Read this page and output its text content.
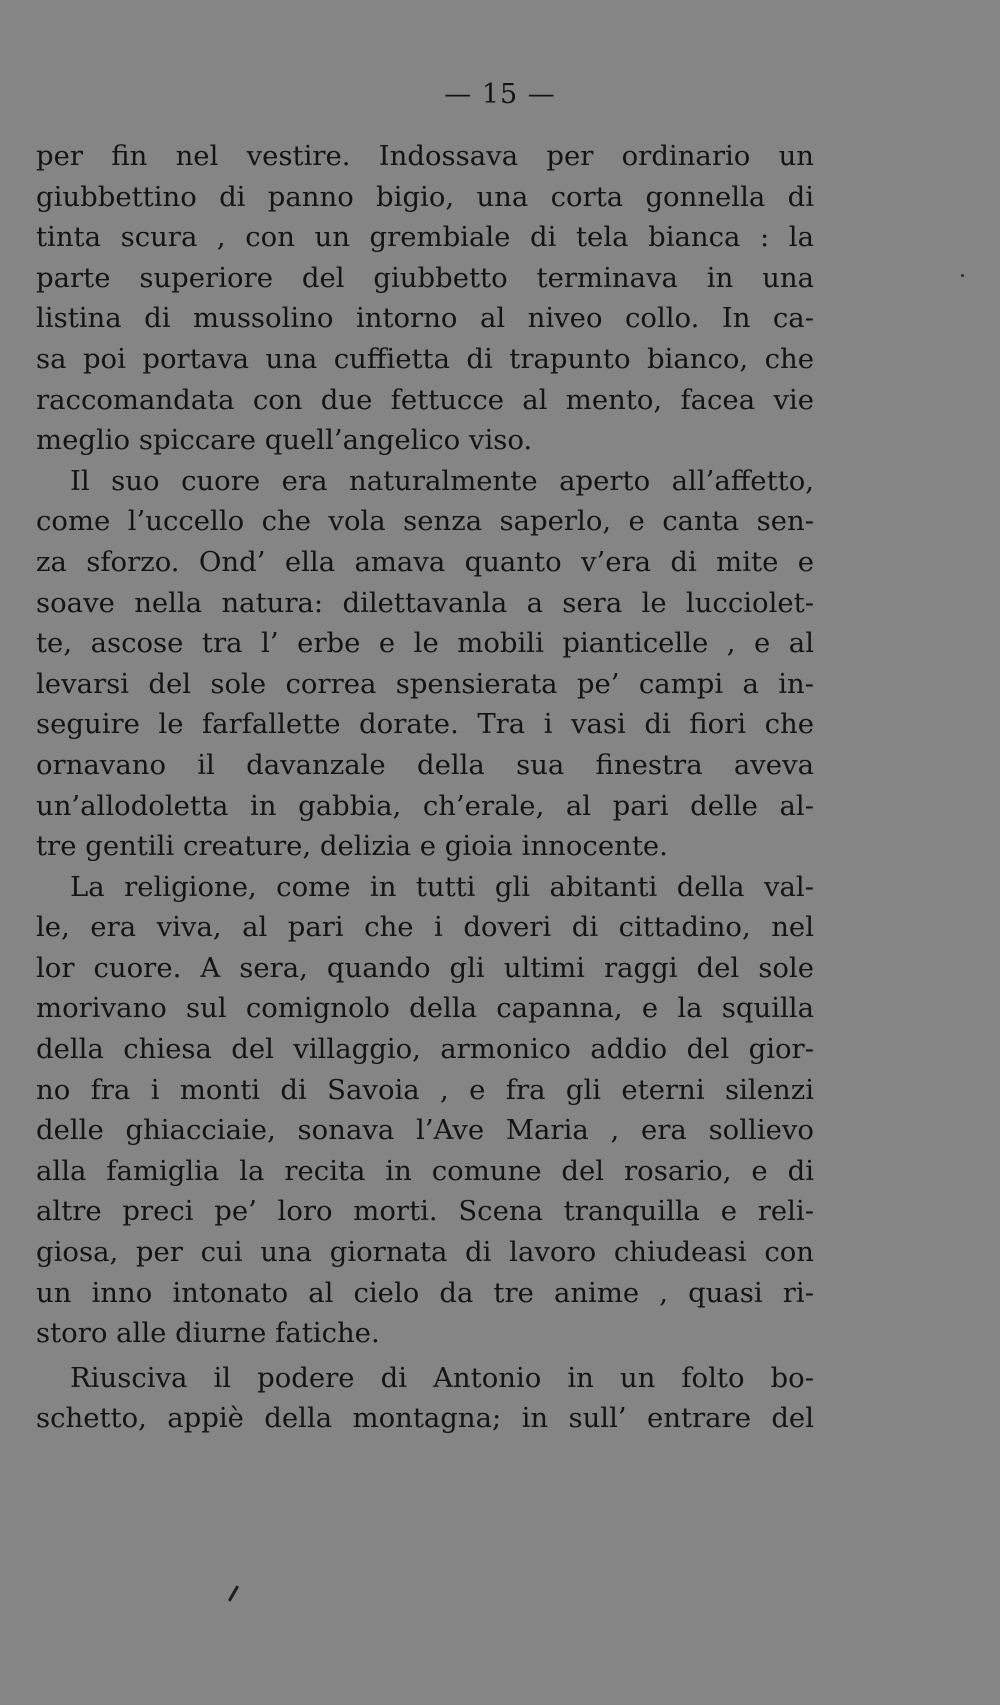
— 15 —
per fin nel vestire. Indossava per ordinario un
giubbettino di panno bigio, una corta gonnella di
tinta scura , con un grembiale di tela bianca : la
parte superiore del giubbetto terminava in una
listina di mussolino intorno al niveo collo. In ca-
sa poi portava una cuffietta di trapunto bianco, che
raccomandata con due fettucce al mento, facea vie
meglio spiccare quell’angelico viso.
Il suo cuore era naturalmente aperto all’affetto,
come l’uccello che vola senza saperlo, e canta sen-
za sforzo. Ond’ ella amava quanto v’era di mite e
soave nella natura: dilettavanla a sera le lucciolet-
te, ascose tra l’ erbe e le mobili pianticelle , e al
levarsi del sole correa spensierata pe’ campi a in-
seguire le farfallette dorate. Tra i vasi di fiori che
ornavano il davanzale della sua finestra aveva
un’allodoletta in gabbia, ch’erale, al pari delle al-
tre gentili creature, delizia e gioia innocente.
La religione, come in tutti gli abitanti della val-
le, era viva, al pari che i doveri di cittadino, nel
lor cuore. A sera, quando gli ultimi raggi del sole
morivano sul comignolo della capanna, e la squilla
della chiesa del villaggio, armonico addio del gior-
no fra i monti di Savoia , e fra gli eterni silenzi
delle ghiacciaie, sonava l’Ave Maria , era sollievo
alla famiglia la recita in comune del rosario, e di
altre preci pe’ loro morti. Scena tranquilla e reli-
giosa, per cui una giornata di lavoro chiudeasi con
un inno intonato al cielo da tre anime , quasi ri-
storo alle diurne fatiche.
Riusciva il podere di Antonio in un folto bo-
schetto, appiè della montagna; in sull’ entrare del
